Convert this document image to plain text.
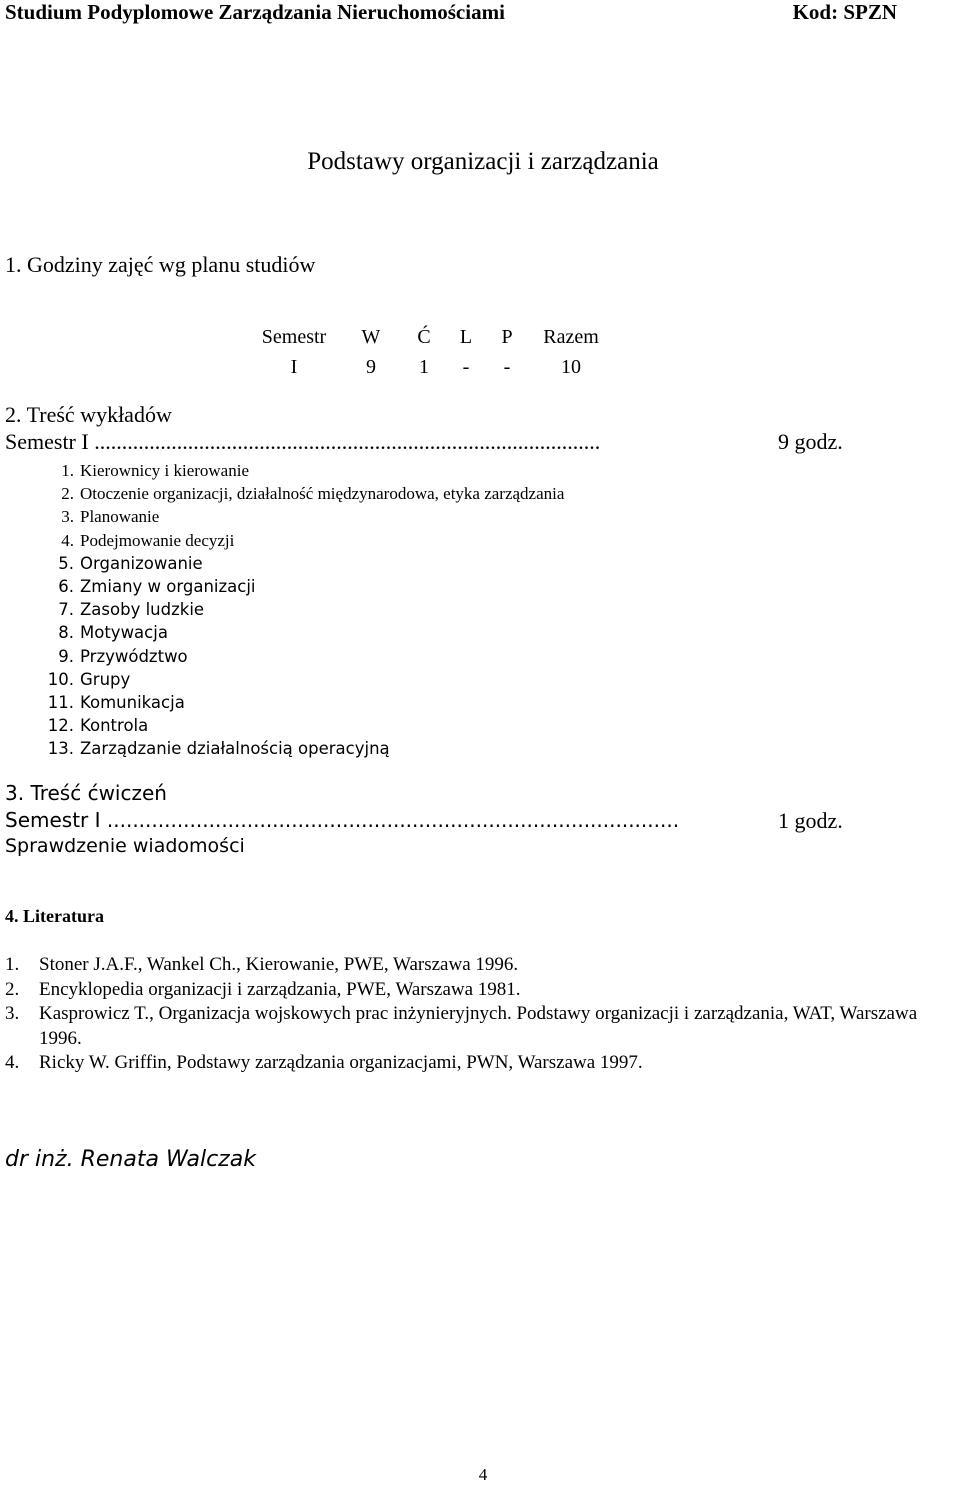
Studium Podyplomowe Zarządzania Nieruchomościami	Kod: SPZN
Podstawy organizacji i zarządzania
1. Godziny zajęć wg planu studiów
Semestr	W	Ć	L	P	Razem
I	9	1	-	-	10
2. Treść wykładów
Semestr I ............................................................................................	9 godz.
1. Kierownicy i kierowanie
2. Otoczenie organizacji, działalność międzynarodowa, etyka zarządzania
3. Planowanie
4. Podejmowanie decyzji
5. Organizowanie
6. Zmiany w organizacji
7. Zasoby ludzkie
8. Motywacja
9. Przywództwo
10. Grupy
11. Komunikacja
12. Kontrola
13. Zarządzanie działalnością operacyjną
3. Treść ćwiczeń
Semestr I ..........................................................................................	1 godz.
Sprawdzenie wiadomości
4. Literatura
1.	Stoner J.A.F., Wankel Ch., Kierowanie, PWE, Warszawa 1996.
2.	Encyklopedia organizacji i zarządzania, PWE, Warszawa 1981.
3.	Kasprowicz T., Organizacja wojskowych prac inżynieryjnych. Podstawy organizacji i zarządzania, WAT, Warszawa 1996.
4.	Ricky W. Griffin, Podstawy zarządzania organizacjami, PWN, Warszawa 1997.
dr inż. Renata Walczak
4
